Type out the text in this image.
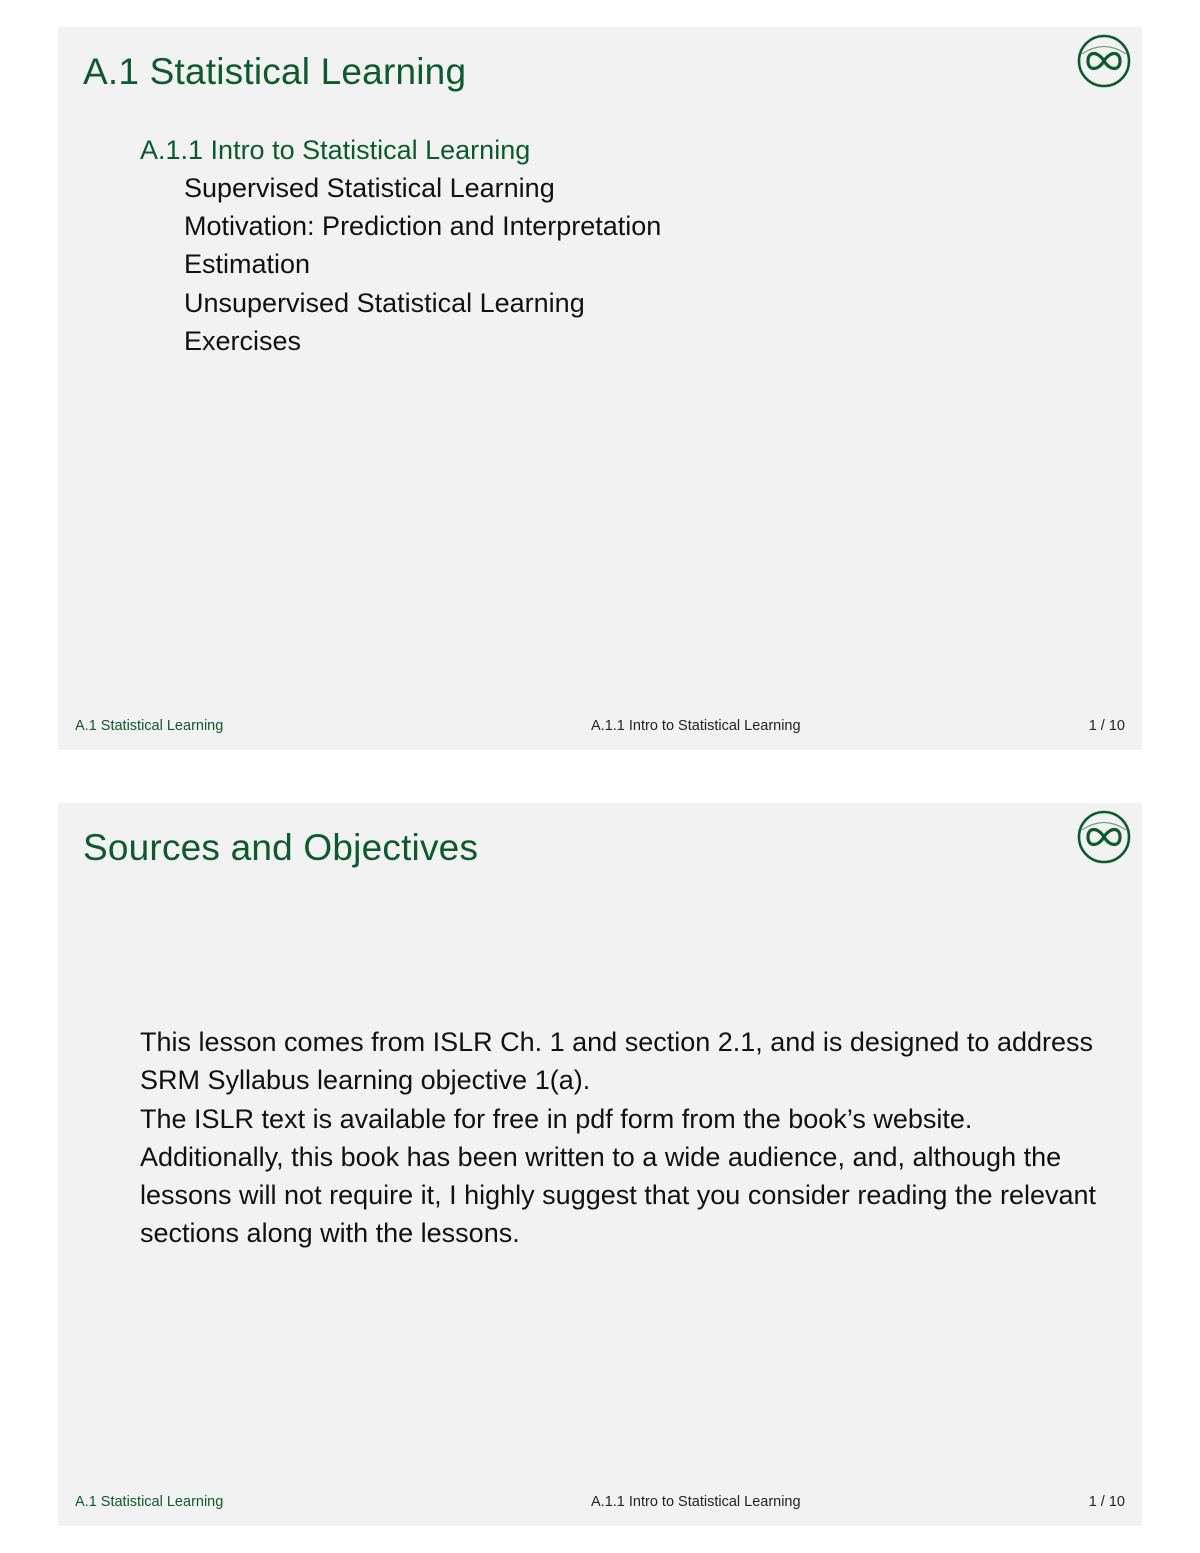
A.1 Statistical Learning
A.1.1 Intro to Statistical Learning
Supervised Statistical Learning
Motivation: Prediction and Interpretation
Estimation
Unsupervised Statistical Learning
Exercises
A.1 Statistical Learning	A.1.1 Intro to Statistical Learning	1 / 10
Sources and Objectives

This lesson comes from ISLR Ch. 1 and section 2.1, and is designed to address SRM Syllabus learning objective 1(a).

The ISLR text is available for free in pdf form from the book’s website. Additionally, this book has been written to a wide audience, and, although the lessons will not require it, I highly suggest that you consider reading the relevant sections along with the lessons.

A.1 Statistical Learning	A.1.1 Intro to Statistical Learning	1 / 10
